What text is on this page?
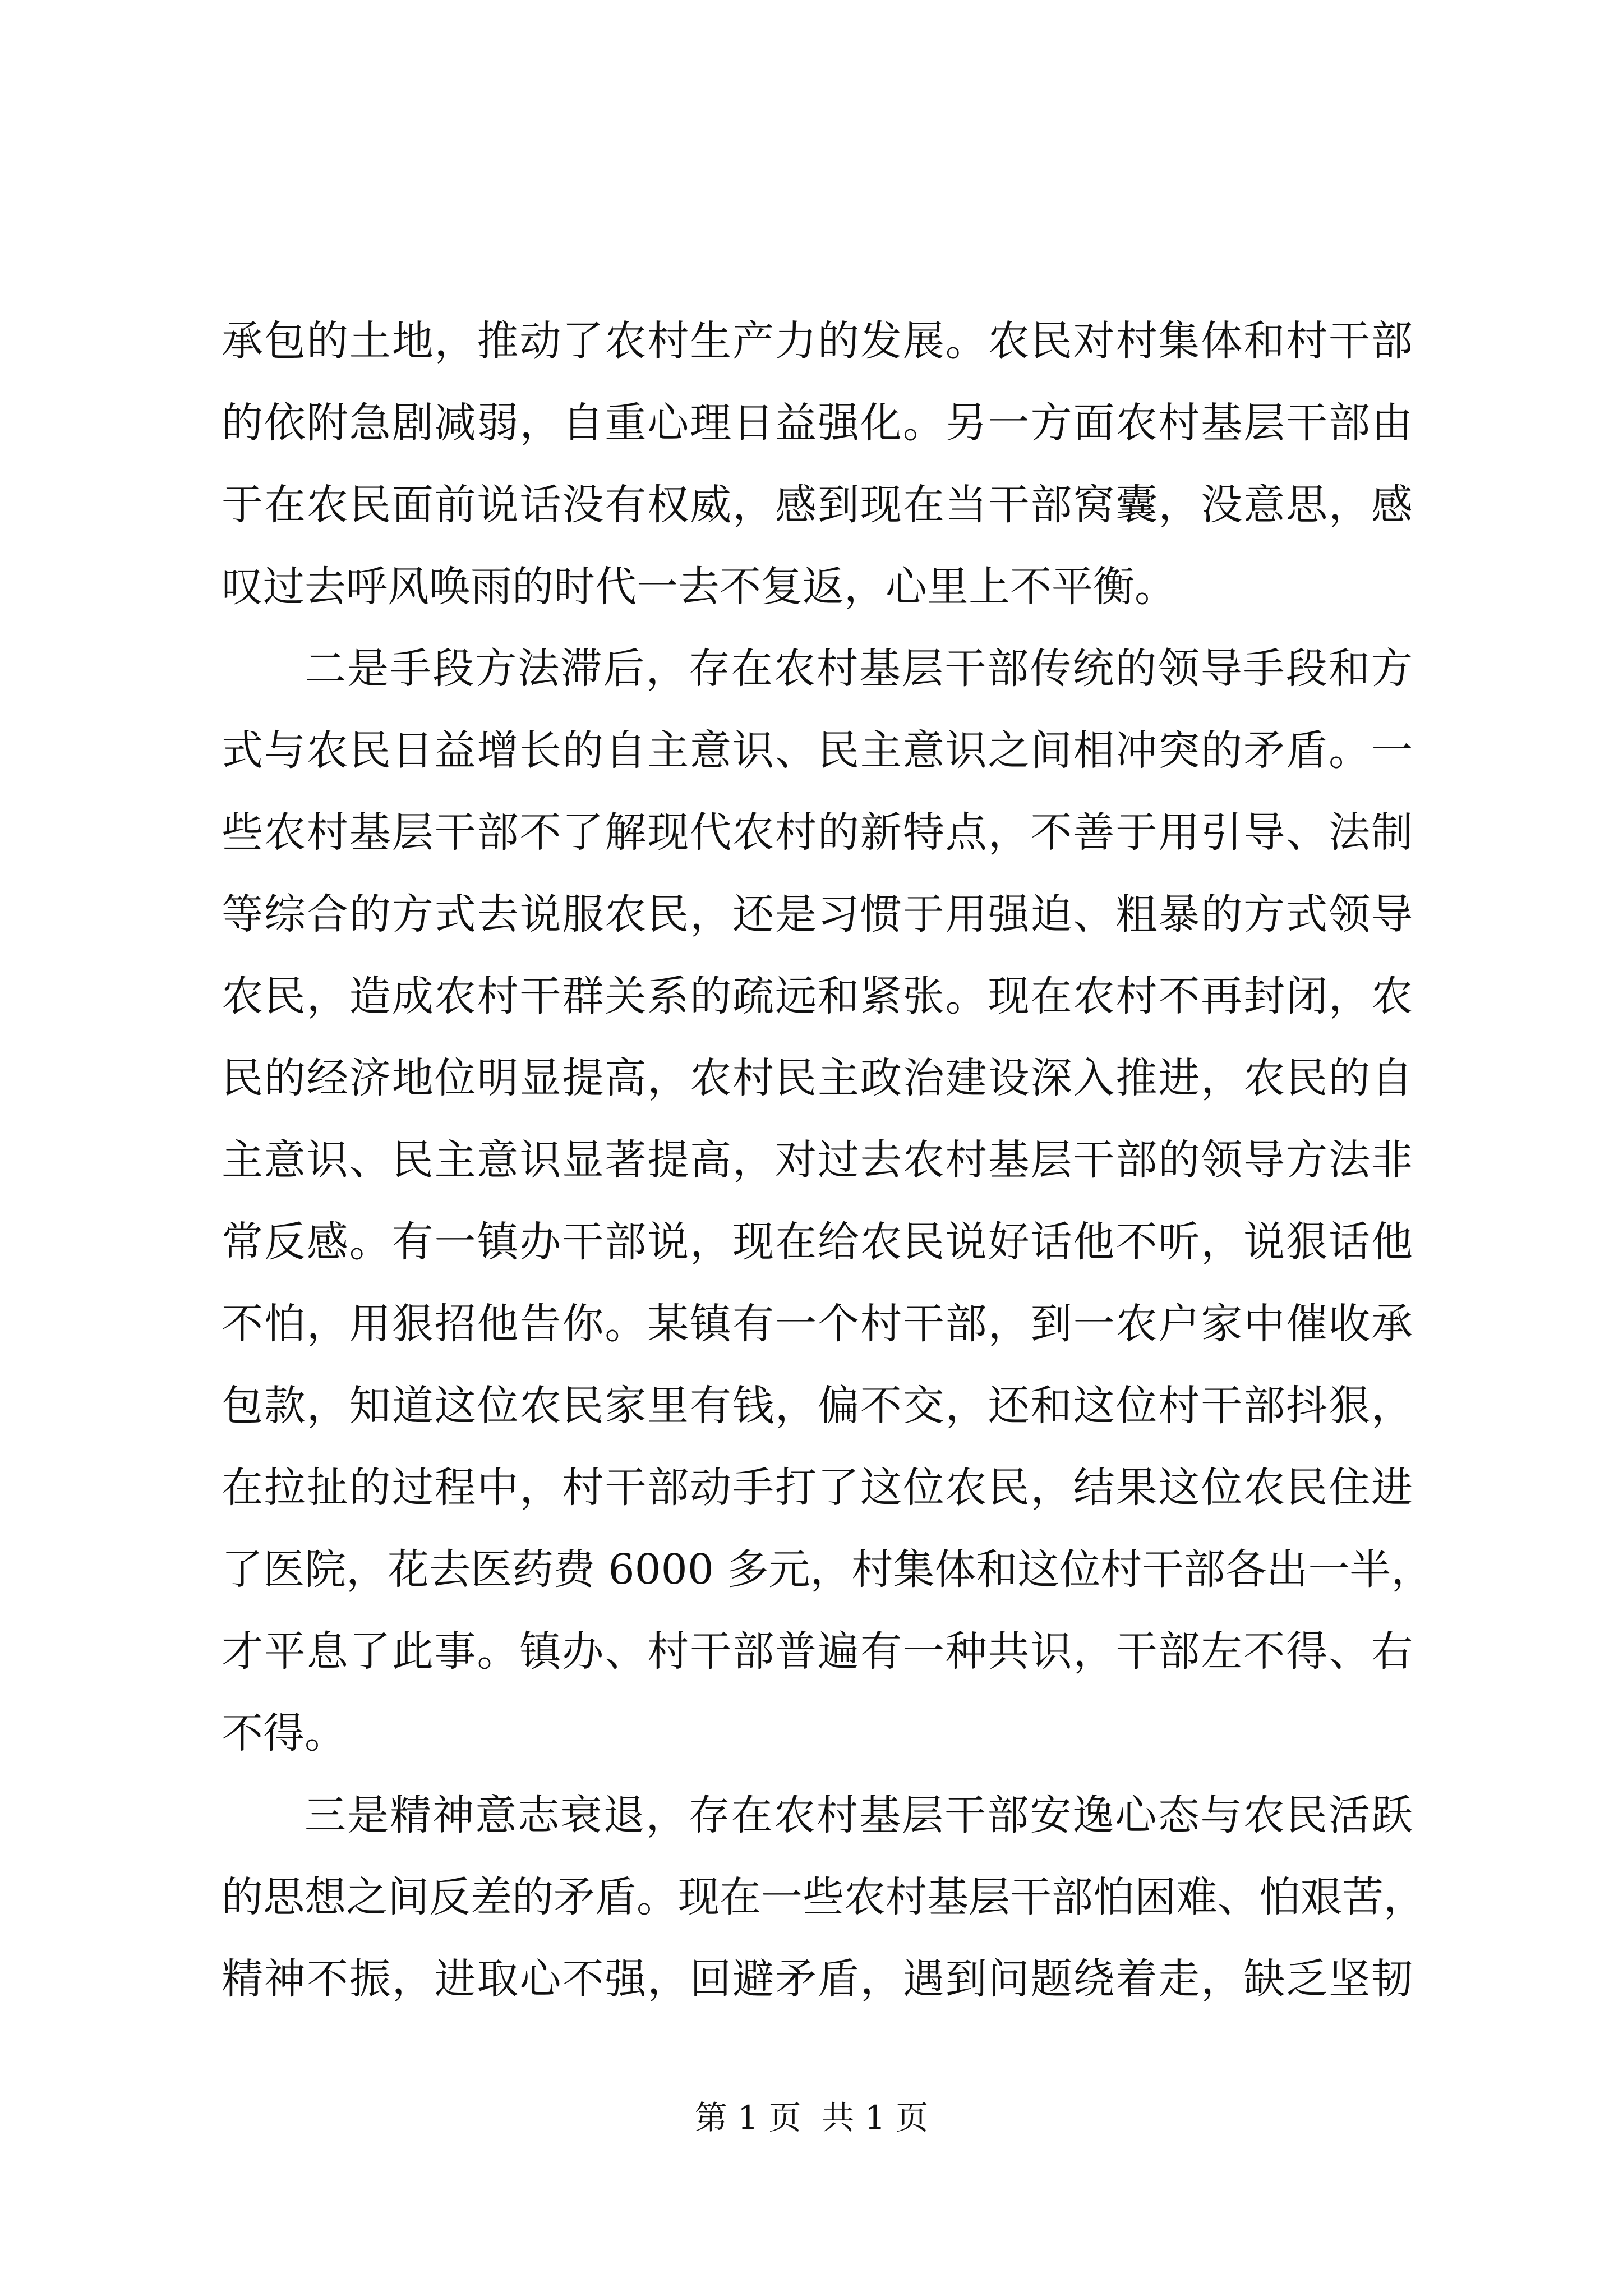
承包的土地，推动了农村生产力的发展。农民对村集体和村干部
的依附急剧减弱，自重心理日益强化。另一方面农村基层干部由
于在农民面前说话没有权威，感到现在当干部窝囊，没意思，感
叹过去呼风唤雨的时代一去不复返，心里上不平衡。
二是手段方法滞后，存在农村基层干部传统的领导手段和方
式与农民日益增长的自主意识、民主意识之间相冲突的矛盾。一
些农村基层干部不了解现代农村的新特点，不善于用引导、法制
等综合的方式去说服农民，还是习惯于用强迫、粗暴的方式领导
农民，造成农村干群关系的疏远和紧张。现在农村不再封闭，农
民的经济地位明显提高，农村民主政治建设深入推进，农民的自
主意识、民主意识显著提高，对过去农村基层干部的领导方法非
常反感。有一镇办干部说，现在给农民说好话他不听，说狠话他
不怕，用狠招他告你。某镇有一个村干部，到一农户家中催收承
包款，知道这位农民家里有钱，偏不交，还和这位村干部抖狠，
在拉扯的过程中，村干部动手打了这位农民，结果这位农民住进
了医院，花去医药费 6000 多元，村集体和这位村干部各出一半，
才平息了此事。镇办、村干部普遍有一种共识，干部左不得、右
不得。
三是精神意志衰退，存在农村基层干部安逸心态与农民活跃
的思想之间反差的矛盾。现在一些农村基层干部怕困难、怕艰苦，
精神不振，进取心不强，回避矛盾，遇到问题绕着走，缺乏坚韧
第 1 页  共 1 页
